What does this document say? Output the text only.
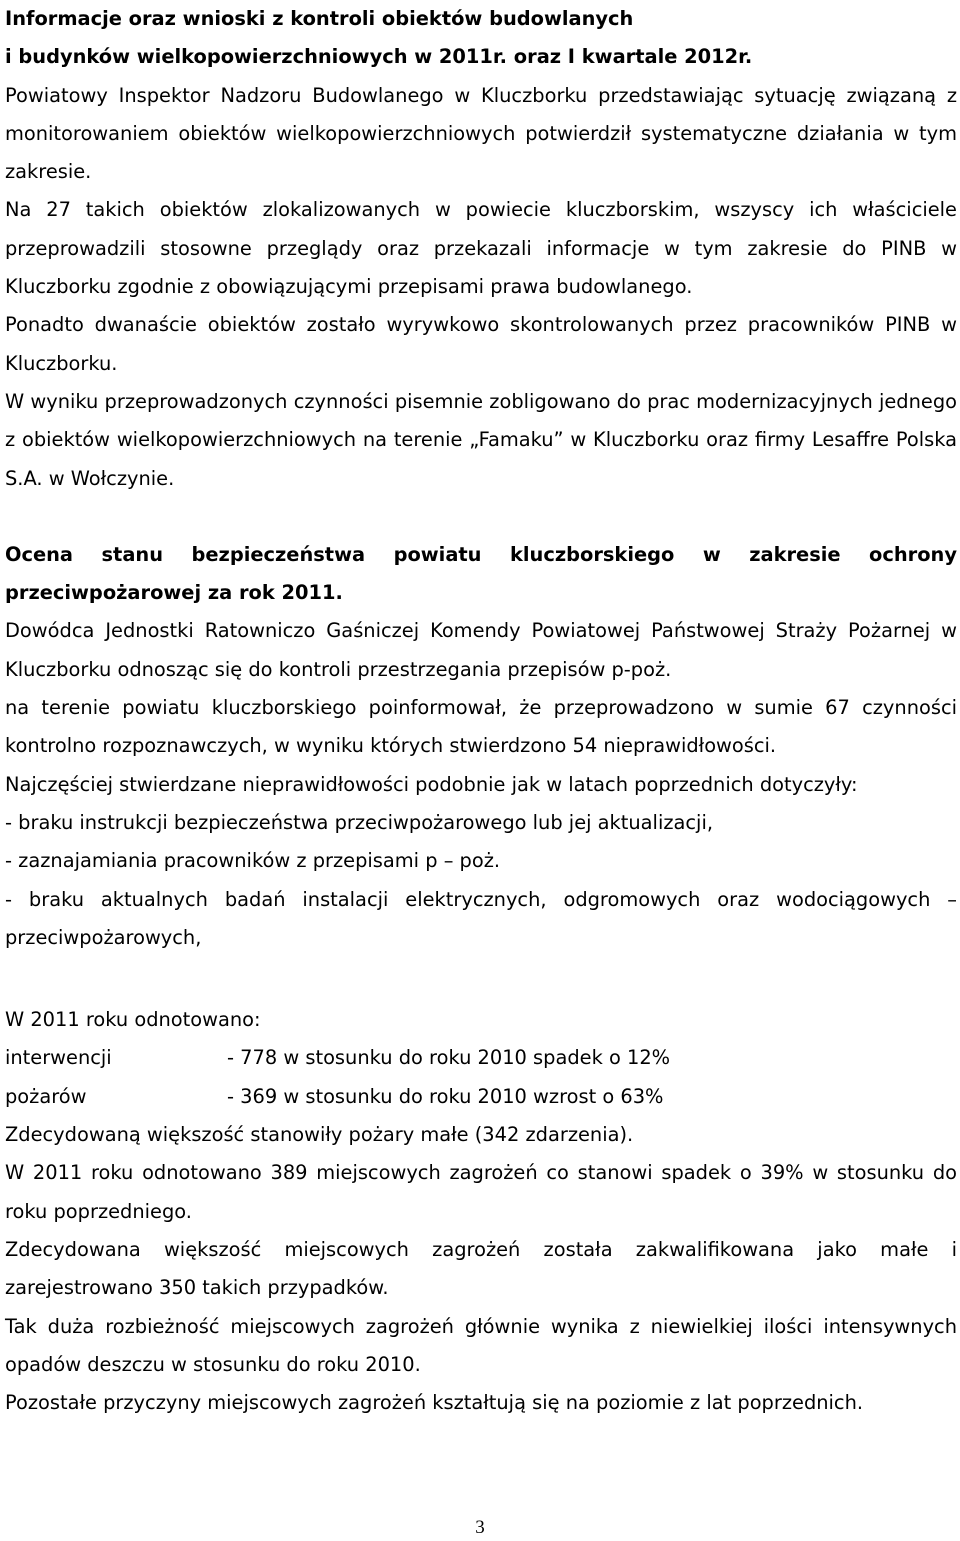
Informacje oraz wnioski z kontroli obiektów budowlanych

i budynków wielkopowierzchniowych w 2011r. oraz I kwartale 2012r.

Powiatowy Inspektor Nadzoru Budowlanego w Kluczborku przedstawiając sytuację związaną z monitorowaniem obiektów wielkopowierzchniowych potwierdził systematyczne działania w tym zakresie.

Na 27 takich obiektów zlokalizowanych w powiecie kluczborskim, wszyscy ich właściciele przeprowadzili stosowne przeglądy oraz przekazali informacje w tym zakresie do PINB w Kluczborku zgodnie z obowiązującymi przepisami prawa budowlanego.

Ponadto dwanaście obiektów zostało wyrywkowo skontrolowanych przez pracowników PINB w Kluczborku.

W wyniku przeprowadzonych czynności pisemnie zobligowano do prac modernizacyjnych jednego z obiektów wielkopowierzchniowych na terenie „Famaku” w Kluczborku oraz firmy Lesaffre Polska S.A. w Wołczynie.

Ocena stanu bezpieczeństwa powiatu kluczborskiego w zakresie ochrony przeciwpożarowej za rok 2011.

Dowódca Jednostki Ratowniczo Gaśniczej Komendy Powiatowej Państwowej Straży Pożarnej w Kluczborku odnosząc się do kontroli przestrzegania przepisów p-poż.

na terenie powiatu kluczborskiego poinformował, że przeprowadzono w sumie 67 czynności kontrolno rozpoznawczych, w wyniku których stwierdzono 54 nieprawidłowości.

Najczęściej stwierdzane nieprawidłowości podobnie jak w latach poprzednich dotyczyły:

- braku instrukcji bezpieczeństwa przeciwpożarowego lub jej aktualizacji,

- zaznajamiania pracowników z przepisami p – poż.

- braku aktualnych badań instalacji elektrycznych, odgromowych oraz wodociągowych – przeciwpożarowych,

W 2011 roku odnotowano:

interwencji	- 778 w stosunku do roku 2010 spadek o 12%
pożarów	- 369 w stosunku do roku 2010 wzrost o 63%

Zdecydowaną większość stanowiły pożary małe (342 zdarzenia).

W 2011 roku odnotowano 389 miejscowych zagrożeń co stanowi spadek o 39% w stosunku do roku poprzedniego.

Zdecydowana większość miejscowych zagrożeń została zakwalifikowana jako małe i zarejestrowano 350 takich przypadków.

Tak duża rozbieżność miejscowych zagrożeń głównie wynika z niewielkiej ilości intensywnych opadów deszczu w stosunku do roku 2010.

Pozostałe przyczyny miejscowych zagrożeń kształtują się na poziomie z lat poprzednich.

3
